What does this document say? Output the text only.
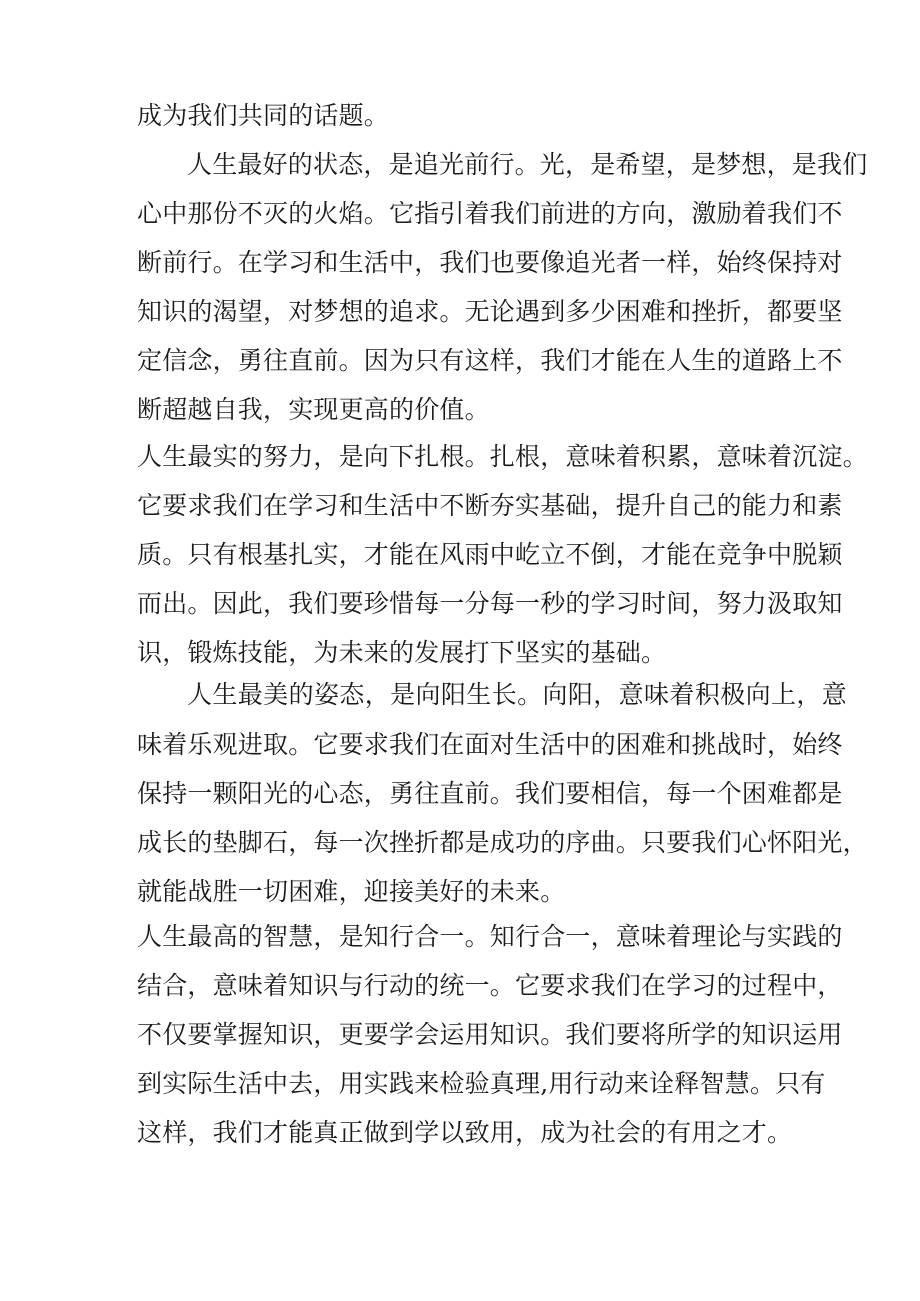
成为我们共同的话题。
人生最好的状态，是追光前行。光，是希望，是梦想，是我们
心中那份不灭的火焰。它指引着我们前进的方向，激励着我们不
断前行。在学习和生活中，我们也要像追光者一样，始终保持对
知识的渴望，对梦想的追求。无论遇到多少困难和挫折，都要坚
定信念，勇往直前。因为只有这样，我们才能在人生的道路上不
断超越自我，实现更高的价值。
人生最实的努力，是向下扎根。扎根，意味着积累，意味着沉淀。
它要求我们在学习和生活中不断夯实基础，提升自己的能力和素
质。只有根基扎实，才能在风雨中屹立不倒，才能在竞争中脱颖
而出。因此，我们要珍惜每一分每一秒的学习时间，努力汲取知
识，锻炼技能，为未来的发展打下坚实的基础。
人生最美的姿态，是向阳生长。向阳，意味着积极向上，意
味着乐观进取。它要求我们在面对生活中的困难和挑战时，始终
保持一颗阳光的心态，勇往直前。我们要相信，每一个困难都是
成长的垫脚石，每一次挫折都是成功的序曲。只要我们心怀阳光，
就能战胜一切困难，迎接美好的未来。
人生最高的智慧，是知行合一。知行合一，意味着理论与实践的
结合，意味着知识与行动的统一。它要求我们在学习的过程中，
不仅要掌握知识，更要学会运用知识。我们要将所学的知识运用
到实际生活中去，用实践来检验真理,用行动来诠释智慧。只有
这样，我们才能真正做到学以致用，成为社会的有用之才。
